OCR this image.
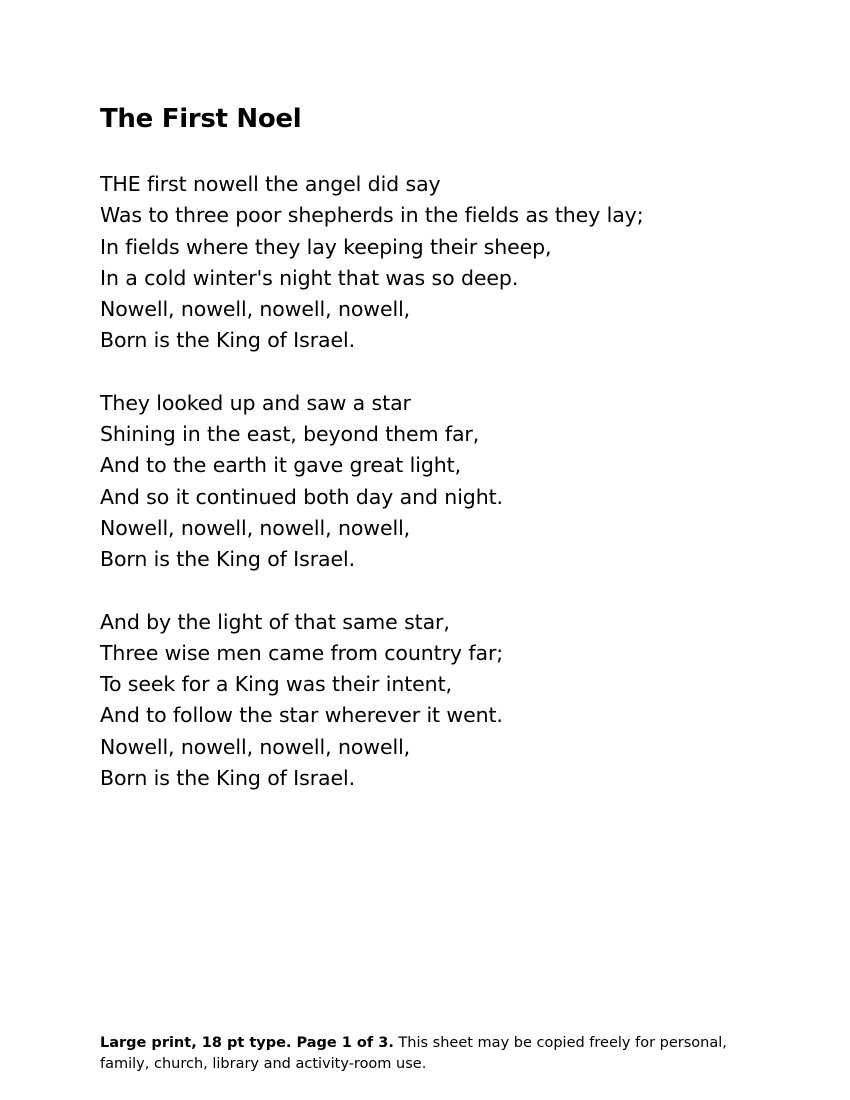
The First Noel
THE first nowell the angel did say
Was to three poor shepherds in the fields as they lay;
In fields where they lay keeping their sheep,
In a cold winter's night that was so deep.
Nowell, nowell, nowell, nowell,
Born is the King of Israel.
They looked up and saw a star
Shining in the east, beyond them far,
And to the earth it gave great light,
And so it continued both day and night.
Nowell, nowell, nowell, nowell,
Born is the King of Israel.
And by the light of that same star,
Three wise men came from country far;
To seek for a King was their intent,
And to follow the star wherever it went.
Nowell, nowell, nowell, nowell,
Born is the King of Israel.

Large print, 18 pt type. Page 1 of 3. This sheet may be copied freely for personal, family, church, library and activity-room use.
